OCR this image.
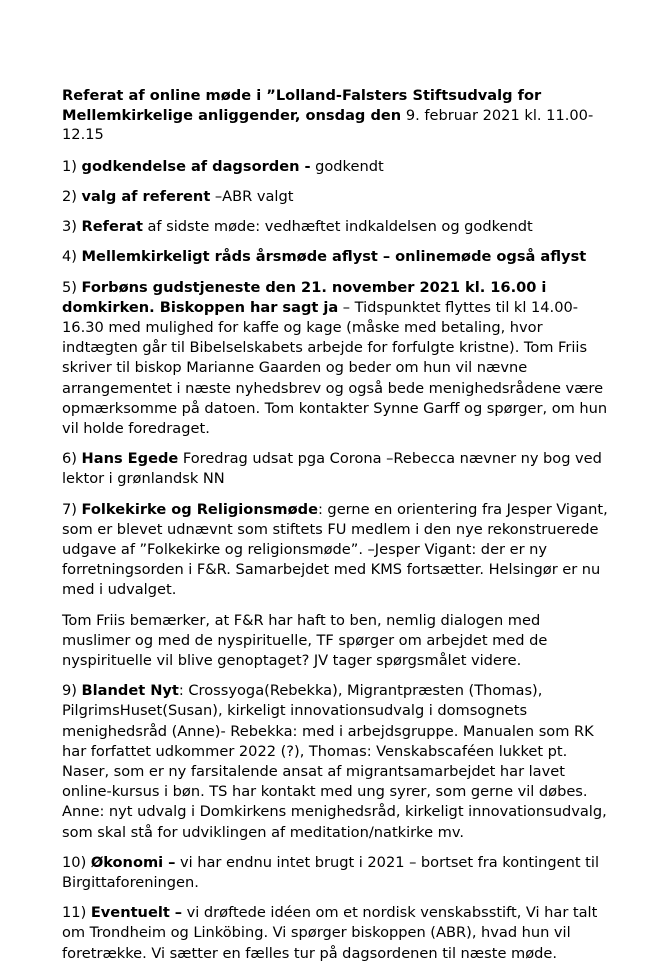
Referat af online møde i ”Lolland-Falsters Stiftsudvalg for Mellemkirkelige anliggender, onsdag den 9. februar 2021 kl. 11.00-12.15

1) godkendelse af dagsorden - godkendt

2) valg af referent –ABR valgt

3) Referat af sidste møde: vedhæftet indkaldelsen og godkendt

4) Mellemkirkeligt råds årsmøde aflyst – onlinemøde også aflyst

5) Forbøns gudstjeneste den 21. november 2021 kl. 16.00 i domkirken. Biskoppen har sagt ja – Tidspunktet flyttes til kl 14.00-16.30 med mulighed for kaffe og kage (måske med betaling, hvor indtægten går til Bibelselskabets arbejde for forfulgte kristne). Tom Friis skriver til biskop Marianne Gaarden og beder om hun vil nævne arrangementet i næste nyhedsbrev og også bede menighedsrådene være opmærksomme på datoen. Tom kontakter Synne Garff og spørger, om hun vil holde foredraget.

6) Hans Egede Foredrag udsat pga Corona –Rebecca nævner ny bog ved lektor i grønlandsk NN

7) Folkekirke og Religionsmøde: gerne en orientering fra Jesper Vigant, som er blevet udnævnt som stiftets FU medlem i den nye rekonstruerede udgave af ”Folkekirke og religionsmøde”. –Jesper Vigant: der er ny forretningsorden i F&R. Samarbejdet med KMS fortsætter. Helsingør er nu med i udvalget.

Tom Friis bemærker, at F&R har haft to ben, nemlig dialogen med muslimer og med de nyspirituelle, TF spørger om arbejdet med de nyspirituelle vil blive genoptaget? JV tager spørgsmålet videre.

9) Blandet Nyt: Crossyoga(Rebekka), Migrantpræsten (Thomas), PilgrimsHuset(Susan), kirkeligt innovationsudvalg i domsognets menighedsråd (Anne)- Rebekka: med i arbejdsgruppe. Manualen som RK har forfattet udkommer 2022 (?), Thomas: Venskabscaféen lukket pt. Naser, som er ny farsitalende ansat af migrantsamarbejdet har lavet online-kursus i bøn. TS har kontakt med ung syrer, som gerne vil døbes. Anne: nyt udvalg i Domkirkens menighedsråd, kirkeligt innovationsudvalg, som skal stå for udviklingen af meditation/natkirke mv.

10) Økonomi – vi har endnu intet brugt i 2021 – bortset fra kontingent til Birgittaforeningen.

11) Eventuelt – vi drøftede idéen om et nordisk venskabsstift, Vi har talt om Trondheim og Linköbing. Vi spørger biskoppen (ABR), hvad hun vil foretrække. Vi sætter en fælles tur på dagsordenen til næste møde.
